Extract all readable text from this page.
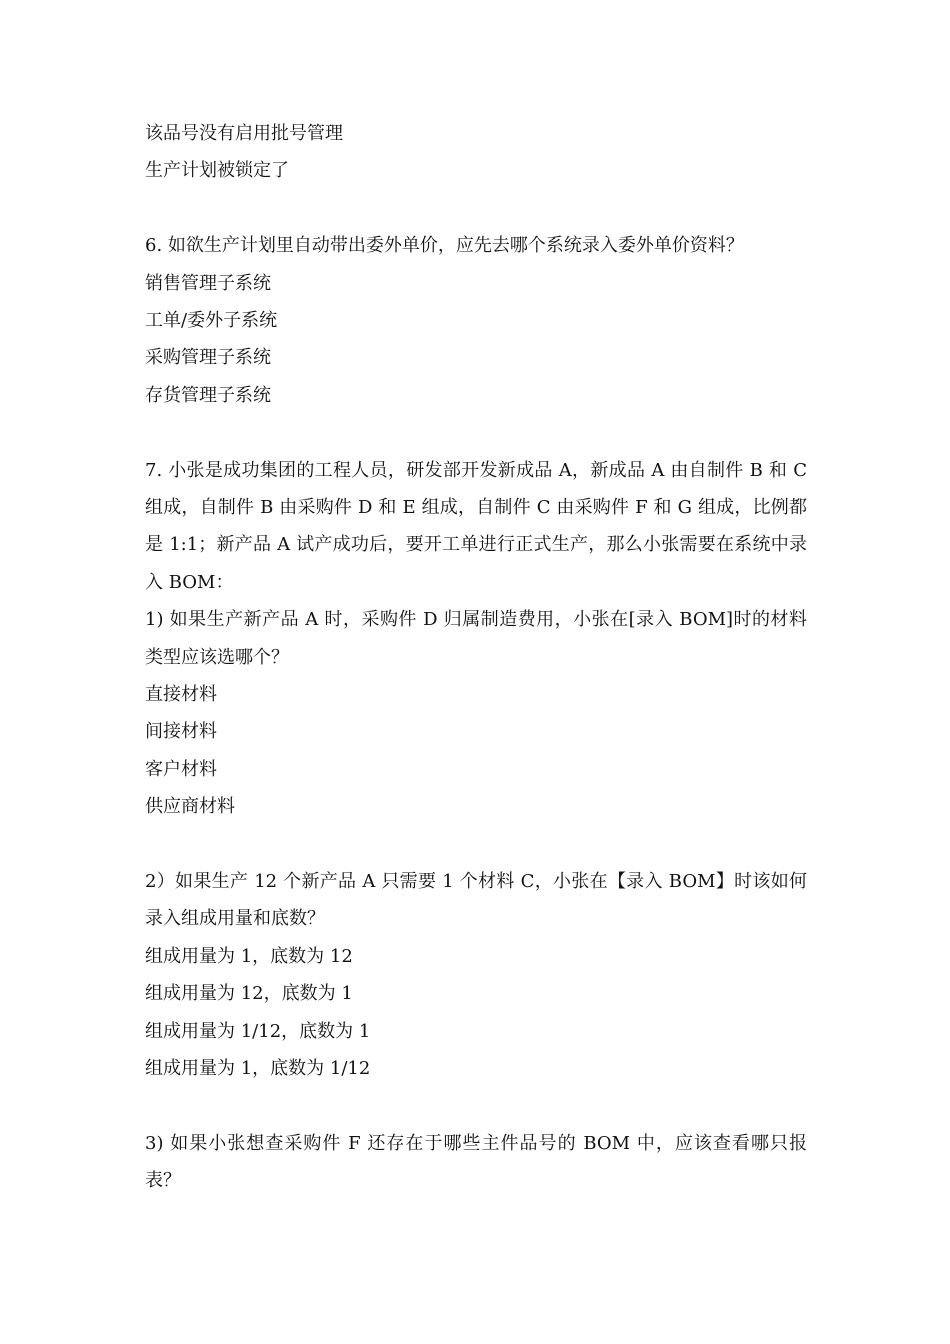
该品号没有启用批号管理
生产计划被锁定了
6. 如欲生产计划里自动带出委外单价，应先去哪个系统录入委外单价资料？
销售管理子系统
工单/委外子系统
采购管理子系统
存货管理子系统
7. 小张是成功集团的工程人员，研发部开发新成品 A，新成品 A 由自制件 B 和 C 组成，自制件 B 由采购件 D 和 E 组成，自制件 C 由采购件 F 和 G 组成，比例都是 1:1；新产品 A 试产成功后，要开工单进行正式生产，那么小张需要在系统中录入 BOM：
1) 如果生产新产品 A 时，采购件 D 归属制造费用，小张在[录入 BOM]时的材料类型应该选哪个？
直接材料
间接材料
客户材料
供应商材料
2）如果生产 12 个新产品 A 只需要 1 个材料 C，小张在【录入 BOM】时该如何录入组成用量和底数？
组成用量为 1，底数为 12
组成用量为 12，底数为 1
组成用量为 1/12，底数为 1
组成用量为 1，底数为 1/12
3) 如果小张想查采购件 F 还存在于哪些主件品号的 BOM 中，应该查看哪只报表？
